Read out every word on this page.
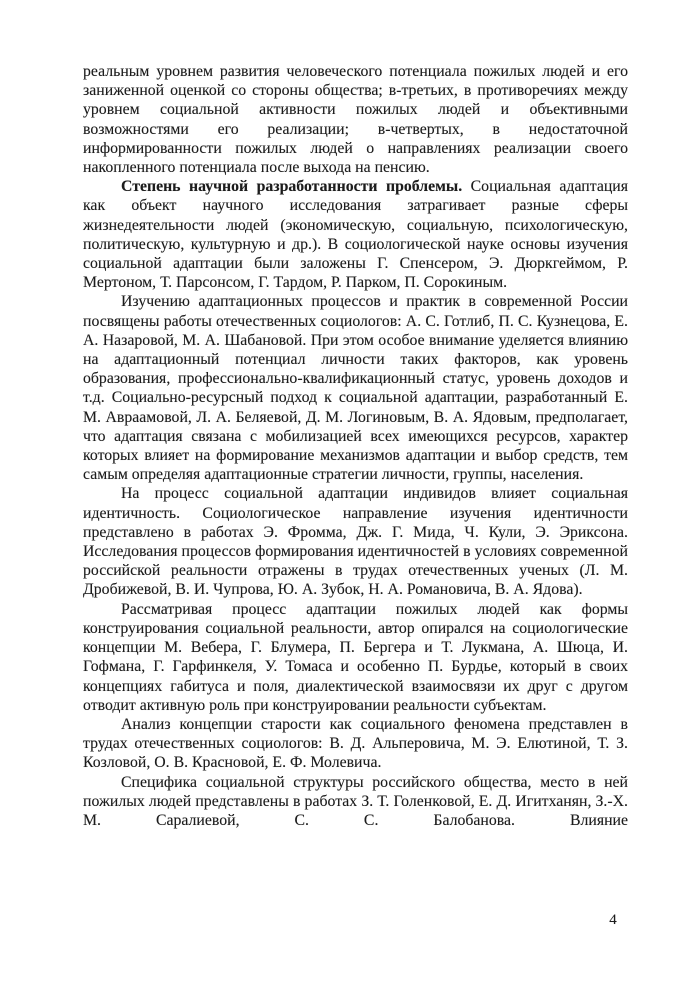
реальным уровнем развития человеческого потенциала пожилых людей и его заниженной оценкой со стороны общества; в-третьих, в противоречиях между уровнем социальной активности пожилых людей и объективными возможностями его реализации; в-четвертых, в недостаточной информированности пожилых людей о направлениях реализации своего накопленного потенциала после выхода на пенсию.

Степень научной разработанности проблемы. Социальная адаптация как объект научного исследования затрагивает разные сферы жизнедеятельности людей (экономическую, социальную, психологическую, политическую, культурную и др.). В социологической науке основы изучения социальной адаптации были заложены Г. Спенсером, Э. Дюркгеймом, Р. Мертоном, Т. Парсонсом, Г. Тардом, Р. Парком, П. Сорокиным.

Изучению адаптационных процессов и практик в современной России посвящены работы отечественных социологов: А. С. Готлиб, П. С. Кузнецова, Е. А. Назаровой, М. А. Шабановой. При этом особое внимание уделяется влиянию на адаптационный потенциал личности таких факторов, как уровень образования, профессионально-квалификационный статус, уровень доходов и т.д. Социально-ресурсный подход к социальной адаптации, разработанный Е. М. Авраамовой, Л. А. Беляевой, Д. М. Логиновым, В. А. Ядовым, предполагает, что адаптация связана с мобилизацией всех имеющихся ресурсов, характер которых влияет на формирование механизмов адаптации и выбор средств, тем самым определяя адаптационные стратегии личности, группы, населения.

На процесс социальной адаптации индивидов влияет социальная идентичность. Социологическое направление изучения идентичности представлено в работах Э. Фромма, Дж. Г. Мида, Ч. Кули, Э. Эриксона. Исследования процессов формирования идентичностей в условиях современной российской реальности отражены в трудах отечественных ученых (Л. М. Дробижевой, В. И. Чупрова, Ю. А. Зубок, Н. А. Романовича, В. А. Ядова).

Рассматривая процесс адаптации пожилых людей как формы конструирования социальной реальности, автор опирался на социологические концепции М. Вебера, Г. Блумера, П. Бергера и Т. Лукмана, А. Шюца, И. Гофмана, Г. Гарфинкеля, У. Томаса и особенно П. Бурдье, который в своих концепциях габитуса и поля, диалектической взаимосвязи их друг с другом отводит активную роль при конструировании реальности субъектам.

Анализ концепции старости как социального феномена представлен в трудах отечественных социологов: В. Д. Альперовича, М. Э. Елютиной, Т. З. Козловой, О. В. Красновой, Е. Ф. Молевича.

Специфика социальной структуры российского общества, место в ней пожилых людей представлены в работах З. Т. Голенковой, Е. Д. Игитханян, З.-Х. М. Саралиевой, С. С. Балобанова. Влияние

4
